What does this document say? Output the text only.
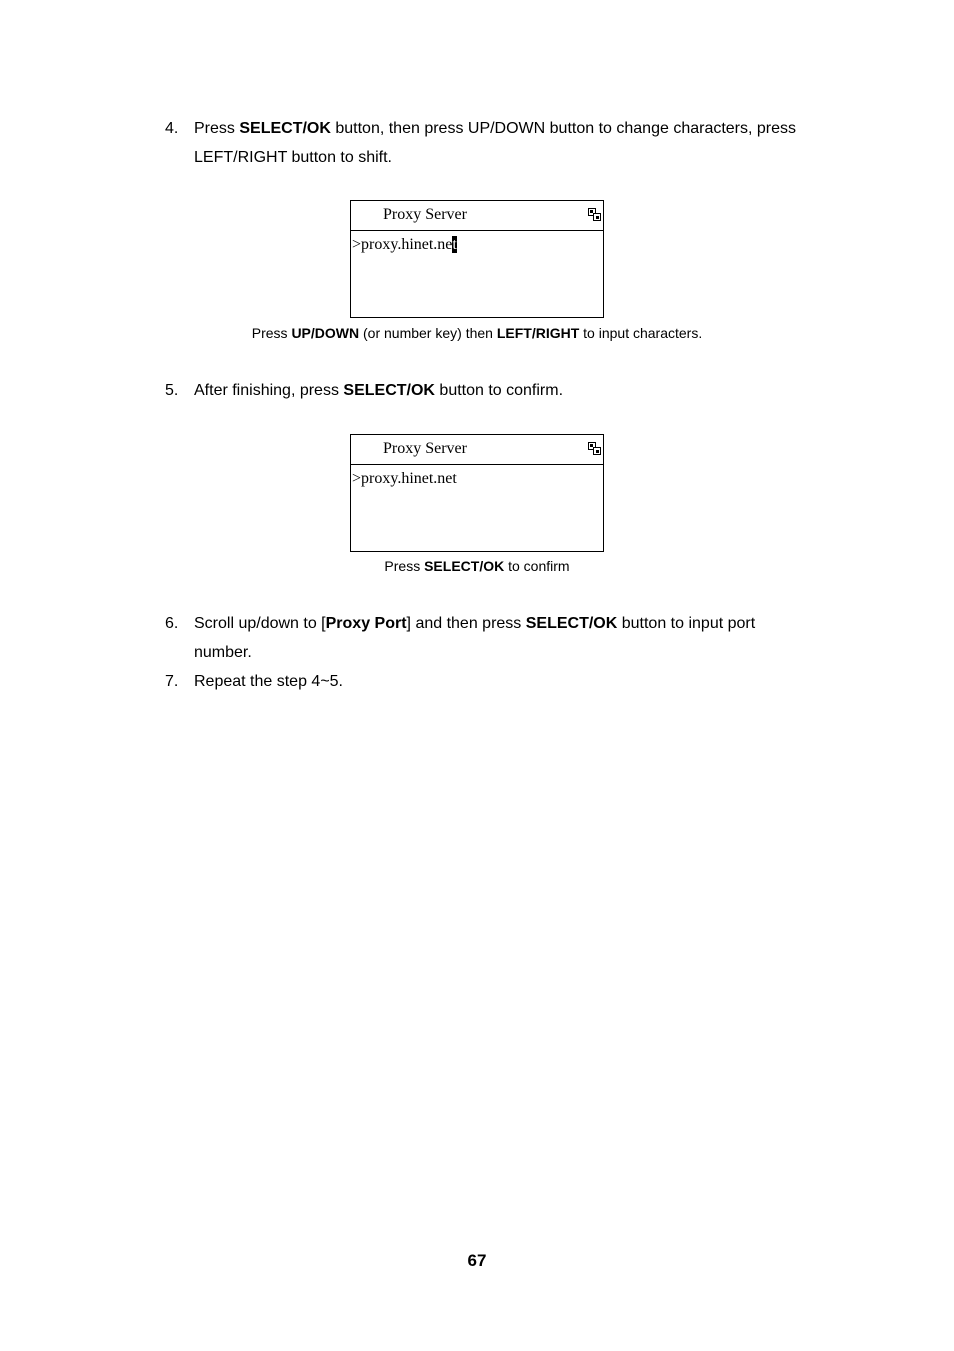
4. Press SELECT/OK button, then press UP/DOWN button to change characters, press LEFT/RIGHT button to shift.
Proxy Server
>proxy.hinet.net
Press UP/DOWN (or number key) then LEFT/RIGHT to input characters.
5. After finishing, press SELECT/OK button to confirm.
Proxy Server
>proxy.hinet.net
Press SELECT/OK to confirm
6. Scroll up/down to [Proxy Port] and then press SELECT/OK button to input port number.
7. Repeat the step 4~5.
67
